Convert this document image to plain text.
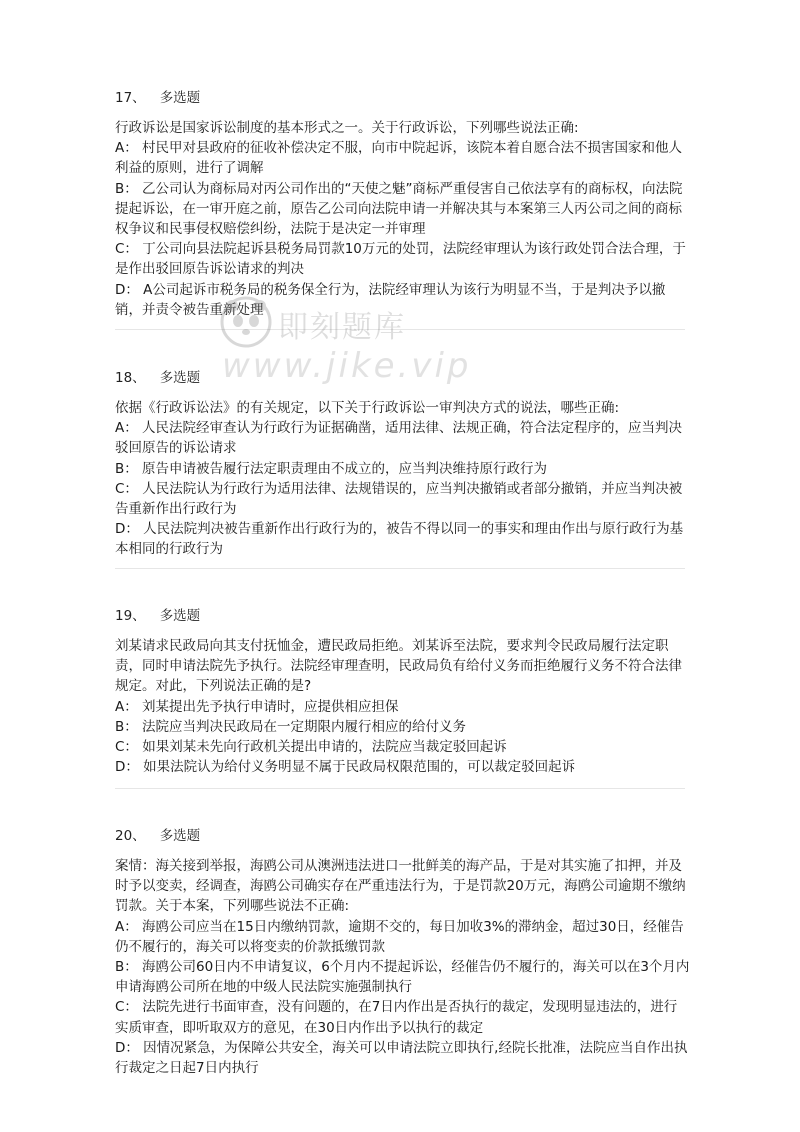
17、 多选题
行政诉讼是国家诉讼制度的基本形式之一。关于行政诉讼，下列哪些说法正确:
A： 村民甲对县政府的征收补偿决定不服，向市中院起诉，该院本着自愿合法不损害国家和他人利益的原则，进行了调解
B： 乙公司认为商标局对丙公司作出的“天使之魅”商标严重侵害自己依法享有的商标权，向法院提起诉讼，在一审开庭之前，原告乙公司向法院申请一并解决其与本案第三人丙公司之间的商标权争议和民事侵权赔偿纠纷，法院于是决定一并审理
C： 丁公司向县法院起诉县税务局罚款10万元的处罚，法院经审理认为该行政处罚合法合理，于是作出驳回原告诉讼请求的判决
D： A公司起诉市税务局的税务保全行为，法院经审理认为该行为明显不当，于是判决予以撤销，并责令被告重新处理
18、 多选题
依据《行政诉讼法》的有关规定，以下关于行政诉讼一审判决方式的说法，哪些正确:
A： 人民法院经审查认为行政行为证据确凿，适用法律、法规正确，符合法定程序的，应当判决驳回原告的诉讼请求
B： 原告申请被告履行法定职责理由不成立的，应当判决维持原行政行为
C： 人民法院认为行政行为适用法律、法规错误的，应当判决撤销或者部分撤销，并应当判决被告重新作出行政行为
D： 人民法院判决被告重新作出行政行为的，被告不得以同一的事实和理由作出与原行政行为基本相同的行政行为
19、 多选题
刘某请求民政局向其支付抚恤金，遭民政局拒绝。刘某诉至法院，要求判令民政局履行法定职责，同时申请法院先予执行。法院经审理查明，民政局负有给付义务而拒绝履行义务不符合法律规定。对此，下列说法正确的是?
A： 刘某提出先予执行申请时，应提供相应担保
B： 法院应当判决民政局在一定期限内履行相应的给付义务
C： 如果刘某未先向行政机关提出申请的，法院应当裁定驳回起诉
D： 如果法院认为给付义务明显不属于民政局权限范围的，可以裁定驳回起诉
20、 多选题
案情：海关接到举报，海鸥公司从澳洲违法进口一批鲜美的海产品，于是对其实施了扣押，并及时予以变卖，经调查，海鸥公司确实存在严重违法行为，于是罚款20万元，海鸥公司逾期不缴纳罚款。关于本案，下列哪些说法不正确:
A： 海鸥公司应当在15日内缴纳罚款，逾期不交的，每日加收3%的滞纳金，超过30日，经催告仍不履行的，海关可以将变卖的价款抵缴罚款
B： 海鸥公司60日内不申请复议，6个月内不提起诉讼，经催告仍不履行的，海关可以在3个月内申请海鸥公司所在地的中级人民法院实施强制执行
C： 法院先进行书面审查，没有问题的，在7日内作出是否执行的裁定，发现明显违法的，进行实质审查，即听取双方的意见，在30日内作出予以执行的裁定
D： 因情况紧急，为保障公共安全，海关可以申请法院立即执行,经院长批准，法院应当自作出执行裁定之日起7日内执行
即刻题库
www.jike.vip
